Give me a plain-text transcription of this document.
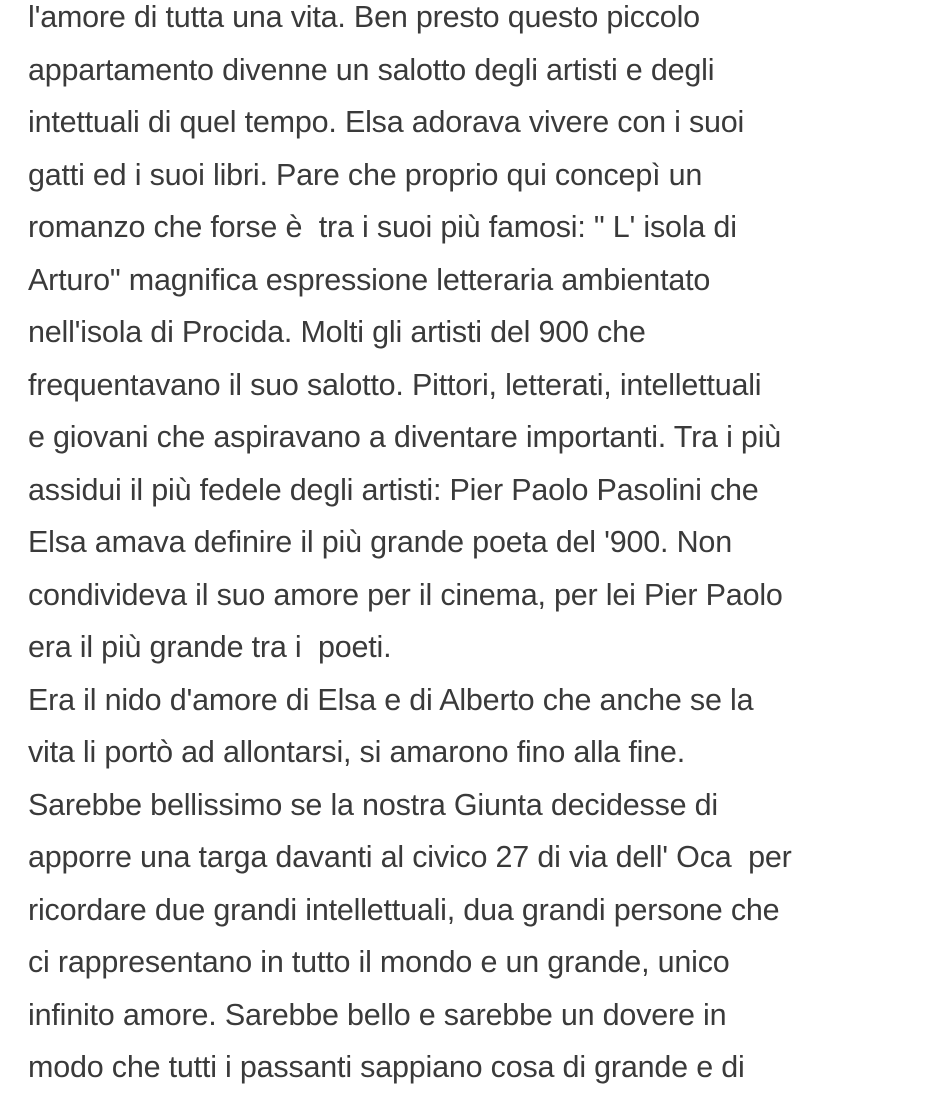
l'amore di tutta una vita. Ben presto questo piccolo
appartamento divenne un salotto degli artisti e degli
intettuali di quel tempo. Elsa adorava vivere con i suoi
gatti ed i suoi libri. Pare che proprio qui concepì un
romanzo che forse è  tra i suoi più famosi: " L' isola di
Arturo" magnifica espressione letteraria ambientato
nell'isola di Procida. Molti gli artisti del 900 che
frequentavano il suo salotto. Pittori, letterati, intellettuali
e giovani che aspiravano a diventare importanti. Tra i più
assidui il più fedele degli artisti: Pier Paolo Pasolini che
Elsa amava definire il più grande poeta del '900. Non
condivideva il suo amore per il cinema, per lei Pier Paolo
era il più grande tra i  poeti.
Era il nido d'amore di Elsa e di Alberto che anche se la
vita li portò ad allontarsi, si amarono fino alla fine.
Sarebbe bellissimo se la nostra Giunta decidesse di
apporre una targa davanti al civico 27 di via dell' Oca  per
ricordare due grandi intellettuali, dua grandi persone che
ci rappresentano in tutto il mondo e un grande, unico
infinito amore. Sarebbe bello e sarebbe un dovere in
modo che tutti i passanti sappiano cosa di grande e di
